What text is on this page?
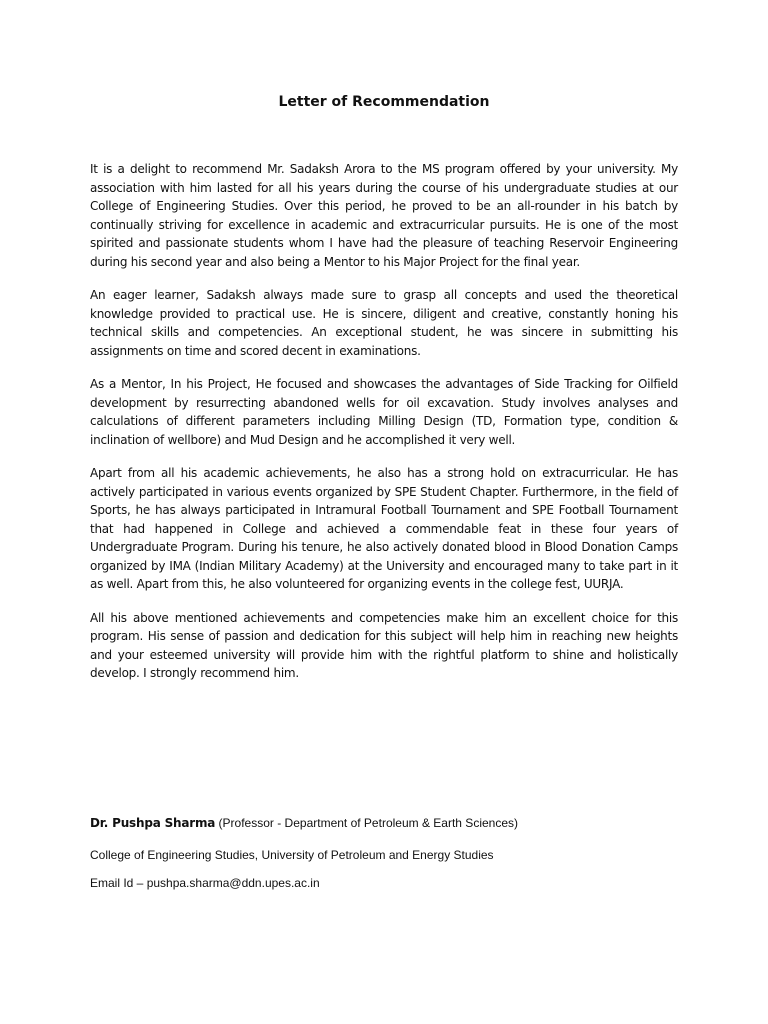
Letter of Recommendation

It is a delight to recommend Mr. Sadaksh Arora to the MS program offered by your university. My association with him lasted for all his years during the course of his undergraduate studies at our College of Engineering Studies. Over this period, he proved to be an all-rounder in his batch by continually striving for excellence in academic and extracurricular pursuits. He is one of the most spirited and passionate students whom I have had the pleasure of teaching Reservoir Engineering during his second year and also being a Mentor to his Major Project for the final year.

An eager learner, Sadaksh always made sure to grasp all concepts and used the theoretical knowledge provided to practical use. He is sincere, diligent and creative, constantly honing his technical skills and competencies. An exceptional student, he was sincere in submitting his assignments on time and scored decent in examinations.

As a Mentor, In his Project, He focused and showcases the advantages of Side Tracking for Oilfield development by resurrecting abandoned wells for oil excavation. Study involves analyses and calculations of different parameters including Milling Design (TD, Formation type, condition & inclination of wellbore) and Mud Design and he accomplished it very well.

Apart from all his academic achievements, he also has a strong hold on extracurricular. He has actively participated in various events organized by SPE Student Chapter. Furthermore, in the field of Sports, he has always participated in Intramural Football Tournament and SPE Football Tournament that had happened in College and achieved a commendable feat in these four years of Undergraduate Program. During his tenure, he also actively donated blood in Blood Donation Camps organized by IMA (Indian Military Academy) at the University and encouraged many to take part in it as well. Apart from this, he also volunteered for organizing events in the college fest, UURJA.

All his above mentioned achievements and competencies make him an excellent choice for this program. His sense of passion and dedication for this subject will help him in reaching new heights and your esteemed university will provide him with the rightful platform to shine and holistically develop. I strongly recommend him.

Dr. Pushpa Sharma (Professor - Department of Petroleum & Earth Sciences)

College of Engineering Studies, University of Petroleum and Energy Studies

Email Id – pushpa.sharma@ddn.upes.ac.in
